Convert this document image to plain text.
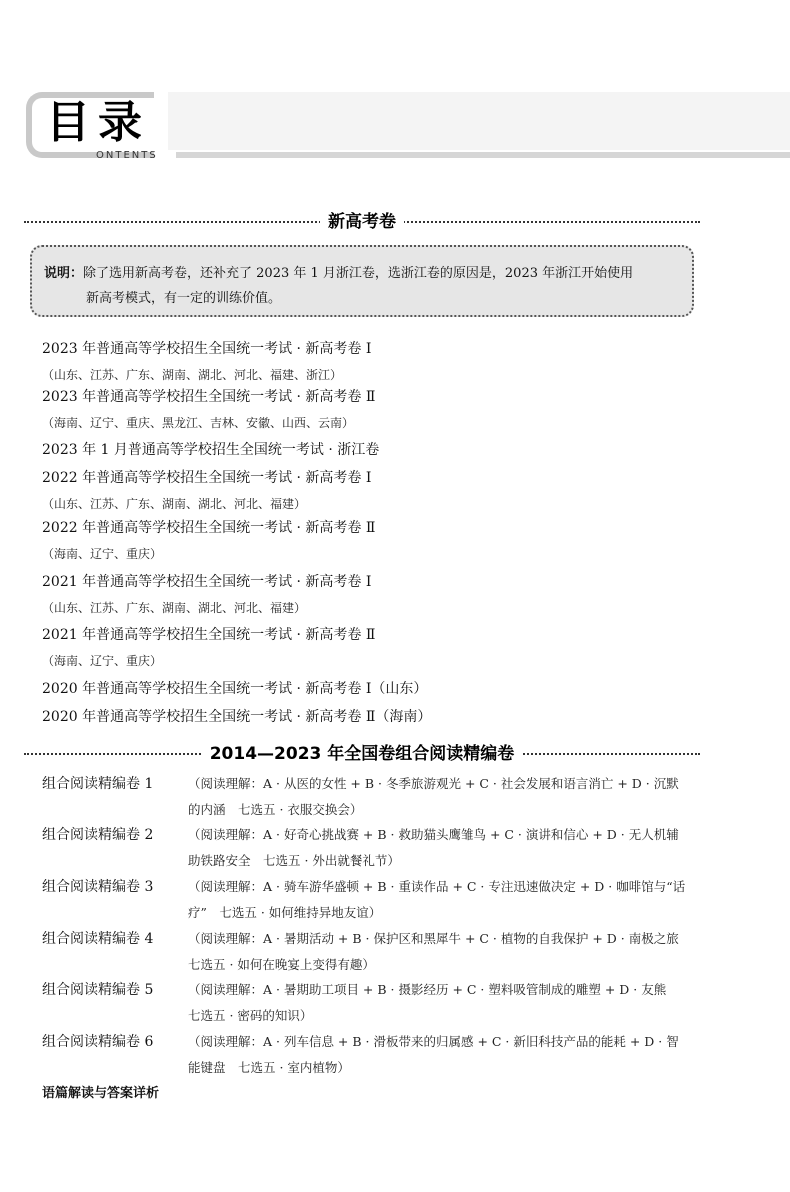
目录
ONTENTS
新高考卷
说明：除了选用新高考卷，还补充了 2023 年 1 月浙江卷，选浙江卷的原因是，2023 年浙江开始使用
新高考模式，有一定的训练价值。
2023 年普通高等学校招生全国统一考试 · 新高考卷 Ⅰ
（山东、江苏、广东、湖南、湖北、河北、福建、浙江）
2023 年普通高等学校招生全国统一考试 · 新高考卷 Ⅱ
（海南、辽宁、重庆、黑龙江、吉林、安徽、山西、云南）
2023 年 1 月普通高等学校招生全国统一考试 · 浙江卷
2022 年普通高等学校招生全国统一考试 · 新高考卷 Ⅰ
（山东、江苏、广东、湖南、湖北、河北、福建）
2022 年普通高等学校招生全国统一考试 · 新高考卷 Ⅱ
（海南、辽宁、重庆）
2021 年普通高等学校招生全国统一考试 · 新高考卷 Ⅰ
（山东、江苏、广东、湖南、湖北、河北、福建）
2021 年普通高等学校招生全国统一考试 · 新高考卷 Ⅱ
（海南、辽宁、重庆）
2020 年普通高等学校招生全国统一考试 · 新高考卷 Ⅰ（山东）
2020 年普通高等学校招生全国统一考试 · 新高考卷 Ⅱ（海南）
2014—2023 年全国卷组合阅读精编卷
组合阅读精编卷 1	（阅读理解：A · 从医的女性 + B · 冬季旅游观光 + C · 社会发展和语言消亡 + D · 沉默的内涵　七选五 · 衣服交换会）
组合阅读精编卷 2	（阅读理解：A · 好奇心挑战赛 + B · 救助猫头鹰雏鸟 + C · 演讲和信心 + D · 无人机辅助铁路安全　七选五 · 外出就餐礼节）
组合阅读精编卷 3	（阅读理解：A · 骑车游华盛顿 + B · 重读作品 + C · 专注迅速做决定 + D · 咖啡馆与“话疗”　七选五 · 如何维持异地友谊）
组合阅读精编卷 4	（阅读理解：A · 暑期活动 + B · 保护区和黑犀牛 + C · 植物的自我保护 + D · 南极之旅　七选五 · 如何在晚宴上变得有趣）
组合阅读精编卷 5	（阅读理解：A · 暑期助工项目 + B · 摄影经历 + C · 塑料吸管制成的雕塑 + D · 友熊　七选五 · 密码的知识）
组合阅读精编卷 6	（阅读理解：A · 列车信息 + B · 滑板带来的归属感 + C · 新旧科技产品的能耗 + D · 智能键盘　七选五 · 室内植物）
语篇解读与答案详析
